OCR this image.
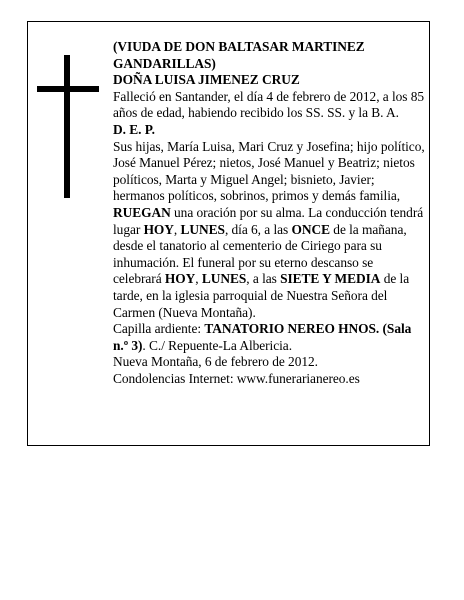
(VIUDA DE DON BALTASAR MARTINEZ GANDARILLAS)

DOÑA LUISA JIMENEZ CRUZ

Falleció en Santander, el día 4 de febrero de 2012, a los 85 años de edad, habiendo recibido los SS. SS. y la B. A.

D. E. P.

Sus hijas, María Luisa, Mari Cruz y Josefina; hijo político, José Manuel Pérez; nietos, José Manuel y Beatriz; nietos políticos, Marta y Miguel Angel; bisnieto, Javier; hermanos políticos, sobrinos, primos y demás familia,

RUEGAN una oración por su alma. La conducción tendrá lugar HOY, LUNES, día 6, a las ONCE de la mañana, desde el tanatorio al cementerio de Ciriego para su inhumación. El funeral por su eterno descanso se celebrará HOY, LUNES, a las SIETE Y MEDIA de la tarde, en la iglesia parroquial de Nuestra Señora del Carmen (Nueva Montaña).

Capilla ardiente: TANATORIO NEREO HNOS. (Sala n.º 3). C./ Repuente-La Albericia.

Nueva Montaña, 6 de febrero de 2012.

Condolencias Internet: www.funerarianereo.es
